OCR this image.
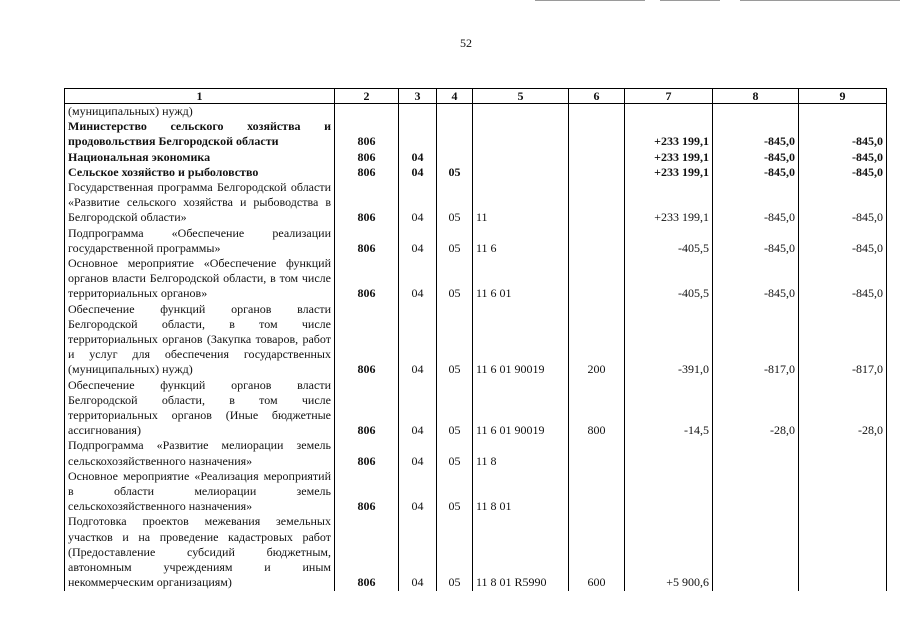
52
1	2	3	4	5	6	7	8	9
(муниципальных) нужд)								
Министерство сельского хозяйства и продовольствия Белгородской области	806					+233 199,1	-845,0	-845,0
Национальная экономика	806	04				+233 199,1	-845,0	-845,0
Сельское хозяйство и рыболовство	806	04	05			+233 199,1	-845,0	-845,0
Государственная программа Белгородской области «Развитие сельского хозяйства и рыбоводства в Белгородской области»	806	04	05	11		+233 199,1	-845,0	-845,0
Подпрограмма «Обеспечение реализации государственной программы»	806	04	05	11 6		-405,5	-845,0	-845,0
Основное мероприятие «Обеспечение функций органов власти Белгородской области, в том числе территориальных органов»	806	04	05	11 6 01		-405,5	-845,0	-845,0
Обеспечение функций органов власти Белгородской области, в том числе территориальных органов (Закупка товаров, работ и услуг для обеспечения государственных (муниципальных) нужд)	806	04	05	11 6 01 90019	200	-391,0	-817,0	-817,0
Обеспечение функций органов власти Белгородской области, в том числе территориальных органов (Иные бюджетные ассигнования)	806	04	05	11 6 01 90019	800	-14,5	-28,0	-28,0
Подпрограмма «Развитие мелиорации земель сельскохозяйственного назначения»	806	04	05	11 8				
Основное мероприятие «Реализация мероприятий в области мелиорации земель сельскохозяйственного назначения»	806	04	05	11 8 01				
Подготовка проектов межевания земельных участков и на проведение кадастровых работ (Предоставление субсидий бюджетным, автономным учреждениям и иным некоммерческим организациям)	806	04	05	11 8 01 R5990	600	+5 900,6		
